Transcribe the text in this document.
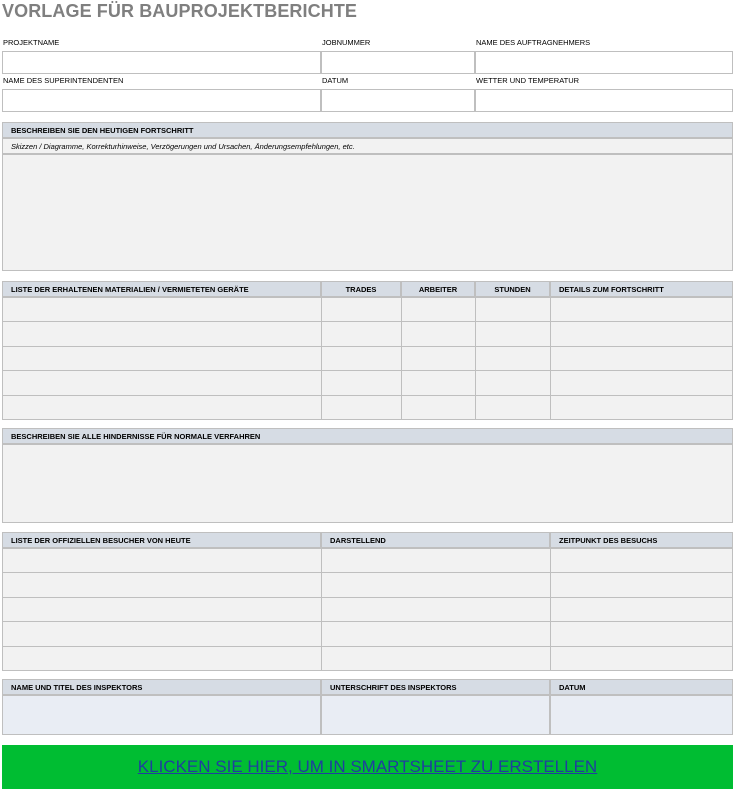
VORLAGE FÜR BAUPROJEKTBERICHTE
PROJEKTNAME	JOBNUMMER	NAME DES AUFTRAGNEHMERS
NAME DES SUPERINTENDENTEN	DATUM	WETTER UND TEMPERATUR
BESCHREIBEN SIE DEN HEUTIGEN FORTSCHRITT
Skizzen / Diagramme, Korrekturhinweise, Verzögerungen und Ursachen, Änderungsempfehlungen, etc.
LISTE DER ERHALTENEN MATERIALIEN / VERMIETETEN GERÄTE	TRADES	ARBEITER	STUNDEN	DETAILS ZUM FORTSCHRITT
BESCHREIBEN SIE ALLE HINDERNISSE FÜR NORMALE VERFAHREN
LISTE DER OFFIZIELLEN BESUCHER VON HEUTE	DARSTELLEND	ZEITPUNKT DES BESUCHS
NAME UND TITEL DES INSPEKTORS	UNTERSCHRIFT DES INSPEKTORS	DATUM
KLICKEN SIE HIER, UM IN SMARTSHEET ZU ERSTELLEN
